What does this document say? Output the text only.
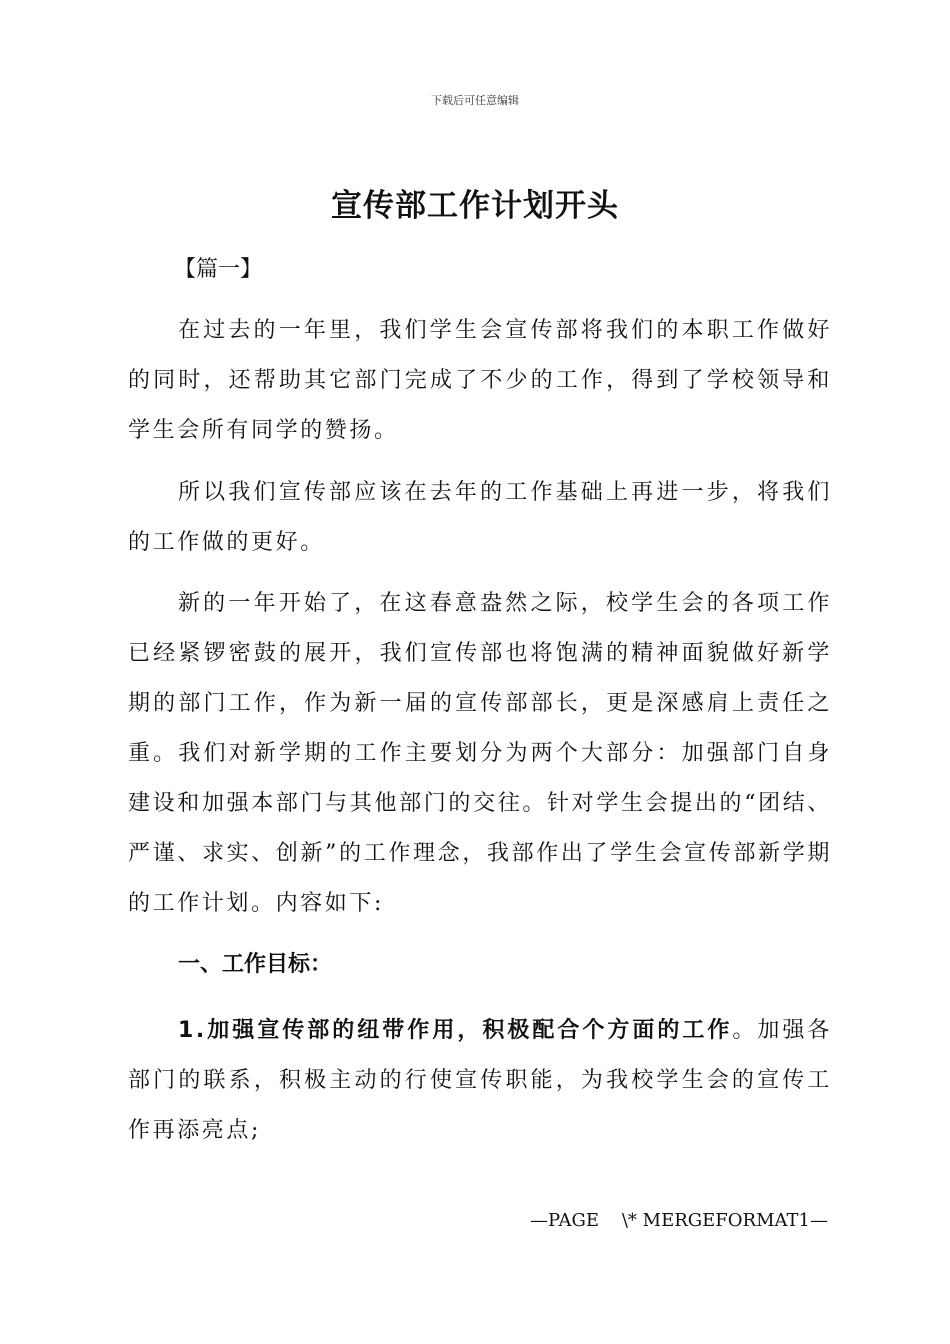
下载后可任意编辑
宣传部工作计划开头
【篇一】
在过去的一年里，我们学生会宣传部将我们的本职工作做好的同时，还帮助其它部门完成了不少的工作，得到了学校领导和学生会所有同学的赞扬。
所以我们宣传部应该在去年的工作基础上再进一步，将我们的工作做的更好。
新的一年开始了，在这春意盎然之际，校学生会的各项工作已经紧锣密鼓的展开，我们宣传部也将饱满的精神面貌做好新学期的部门工作，作为新一届的宣传部部长，更是深感肩上责任之重。我们对新学期的工作主要划分为两个大部分：加强部门自身建设和加强本部门与其他部门的交往。针对学生会提出的“团结、严谨、求实、创新”的工作理念，我部作出了学生会宣传部新学期的工作计划。内容如下:
一、工作目标：
1.加强宣传部的纽带作用，积极配合个方面的工作。加强各部门的联系，积极主动的行使宣传职能，为我校学生会的宣传工作再添亮点;
—PAGE    \* MERGEFORMAT1—
